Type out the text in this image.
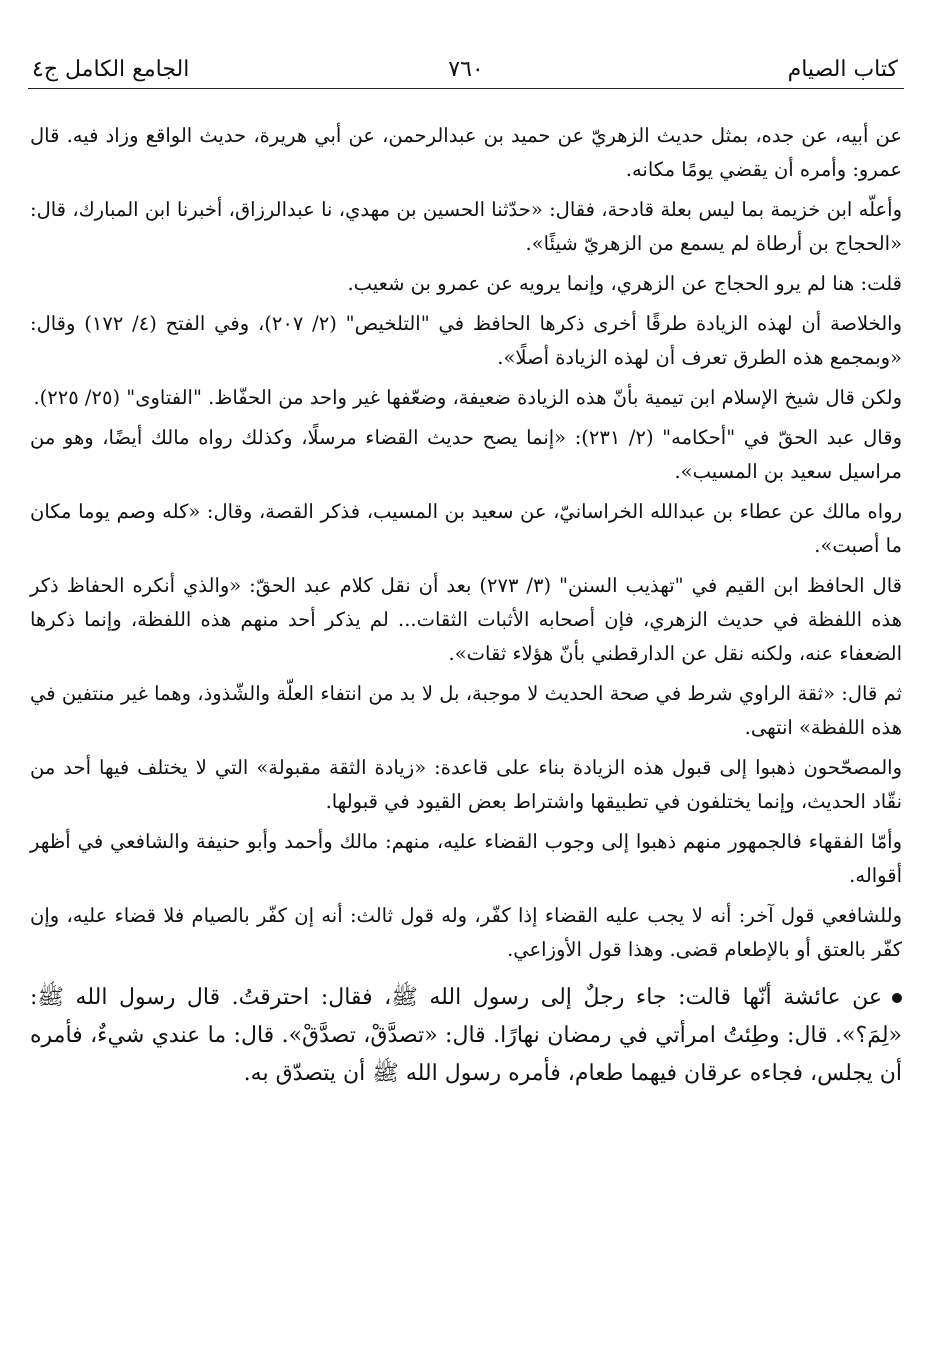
كتاب الصيام
٧٦٠
الجامع الكامل ج٤

عن أبيه، عن جده، بمثل حديث الزهريّ عن حميد بن عبدالرحمن، عن أبي هريرة، حديث الواقع وزاد فيه. قال عمرو: وأمره أن يقضي يومًا مكانه.

وأعلّه ابن خزيمة بما ليس بعلة قادحة، فقال: «حدّثنا الحسين بن مهدي، نا عبدالرزاق، أخبرنا ابن المبارك، قال: «الحجاج بن أرطاة لم يسمع من الزهريّ شيئًا».

قلت: هنا لم يرو الحجاج عن الزهري، وإنما يرويه عن عمرو بن شعيب.

والخلاصة أن لهذه الزيادة طرقًا أخرى ذكرها الحافظ في "التلخيص" (٢/ ٢٠٧)، وفي الفتح (٤/ ١٧٢) وقال: «وبمجمع هذه الطرق تعرف أن لهذه الزيادة أصلًا».

ولكن قال شيخ الإسلام ابن تيمية بأنّ هذه الزيادة ضعيفة، وضعّفها غير واحد من الحفّاظ. "الفتاوى" (٢٥/ ٢٢٥).

وقال عبد الحقّ في "أحكامه" (٢/ ٢٣١): «إنما يصح حديث القضاء مرسلًا، وكذلك رواه مالك أيضًا، وهو من مراسيل سعيد بن المسيب».

رواه مالك عن عطاء بن عبدالله الخراسانيّ، عن سعيد بن المسيب، فذكر القصة، وقال: «كله وصم يوما مكان ما أصبت».

قال الحافظ ابن القيم في "تهذيب السنن" (٣/ ٢٧٣) بعد أن نقل كلام عبد الحقّ: «والذي أنكره الحفاظ ذكر هذه اللفظة في حديث الزهري، فإن أصحابه الأثبات الثقات... لم يذكر أحد منهم هذه اللفظة، وإنما ذكرها الضعفاء عنه، ولكنه نقل عن الدارقطني بأنّ هؤلاء ثقات».

ثم قال: «ثقة الراوي شرط في صحة الحديث لا موجبة، بل لا بد من انتفاء العلّة والشّذوذ، وهما غير منتفين في هذه اللفظة» انتهى.

والمصحّحون ذهبوا إلى قبول هذه الزيادة بناء على قاعدة: «زيادة الثقة مقبولة» التي لا يختلف فيها أحد من نقّاد الحديث، وإنما يختلفون في تطبيقها واشتراط بعض القيود في قبولها.

وأمّا الفقهاء فالجمهور منهم ذهبوا إلى وجوب القضاء عليه، منهم: مالك وأحمد وأبو حنيفة والشافعي في أظهر أقواله.

وللشافعي قول آخر: أنه لا يجب عليه القضاء إذا كفّر، وله قول ثالث: أنه إن كفّر بالصيام فلا قضاء عليه، وإن كفّر بالعتق أو بالإطعام قضى. وهذا قول الأوزاعي.

عن عائشة أنّها قالت: جاء رجلٌ إلى رسول الله ﷺ، فقال: احترقتُ. قال رسول الله ﷺ: «لِمَ؟». قال: وطِئتُ امرأتي في رمضان نهارًا. قال: «تصدَّقْ، تصدَّقْ». قال: ما عندي شيءٌ، فأمره أن يجلس، فجاءه عرقان فيهما طعام، فأمره رسول الله ﷺ أن يتصدّق به.
